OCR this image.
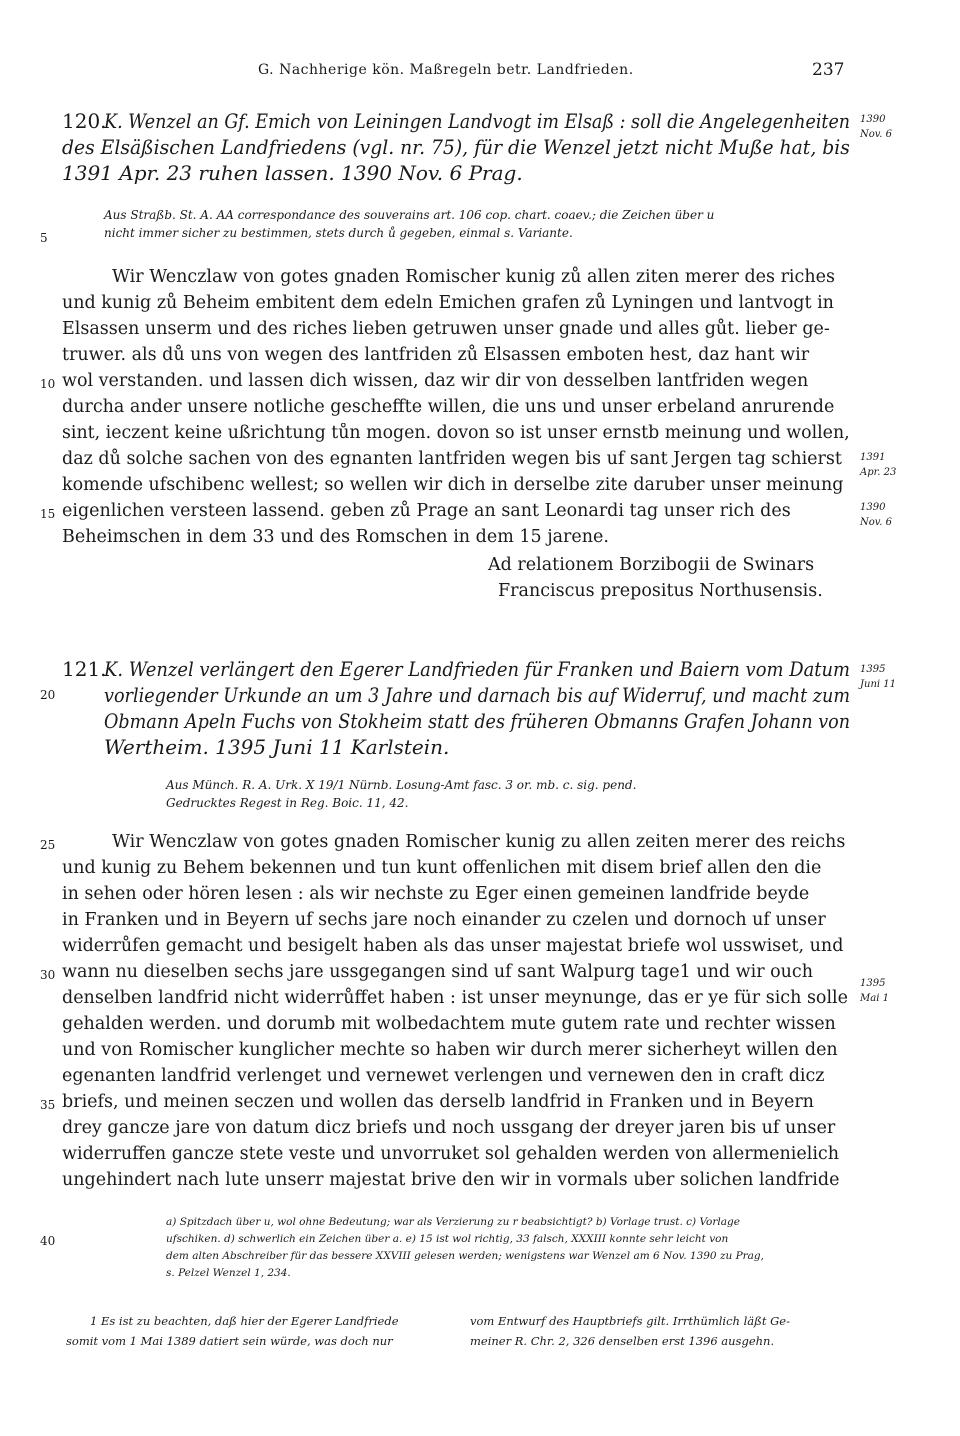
G. Nachherige kön. Maßregeln betr. Landfrieden.	237
120.
K. Wenzel an Gf. Emich von Leiningen Landvogt im Elsaß : soll die Angelegenheiten
des Elsäßischen Landfriedens (vgl. nr. 75), für die Wenzel jetzt nicht Muße hat, bis
1391 Apr. 23 ruhen lassen. 1390 Nov. 6 Prag.
1390
Nov. 6
Aus Straßb. St. A. AA correspondance des souverains art. 106 cop. chart. coaev.; die Zeichen über u
nicht immer sicher zu bestimmen, stets durch ů gegeben, einmal s. Variante.
Wir Wenczlaw von gotes gnaden Romischer kunig zů allen ziten merer des riches
und kunig zů Beheim embitent dem edeln Emichen grafen zů Lyningen und lantvogt in
Elsassen unserm und des riches lieben getruwen unser gnade und alles gůt. lieber ge-
truwer. als dů uns von wegen des lantfriden zů Elsassen emboten hest, daz hant wir
wol verstanden. und lassen dich wissen, daz wir dir von desselben lantfriden wegen
durcha ander unsere notliche gescheffte willen, die uns und unser erbeland anrurende
sint, ieczent keine ußrichtung tůn mogen. dovon so ist unser ernstb meinung und wollen,
daz dů solche sachen von des egnanten lantfriden wegen bis uf sant Jergen tag schierst
komende ufschibenc wellest; so wellen wir dich in derselbe zite daruber unser meinung
eigenlichen versteen lassend. geben zů Prage an sant Leonardi tag unser rich des
Beheimschen in dem 33 und des Romschen in dem 15 jarene.
Ad relationem Borzibogii de Swinars
Franciscus prepositus Northusensis.
1391
Apr. 23
1390
Nov. 6
121.
K. Wenzel verlängert den Egerer Landfrieden für Franken und Baiern vom Datum
vorliegender Urkunde an um 3 Jahre und darnach bis auf Widerruf, und macht zum
Obmann Apeln Fuchs von Stokheim statt des früheren Obmanns Grafen Johann von
Wertheim. 1395 Juni 11 Karlstein.
1395
Juni 11
Aus Münch. R. A. Urk. X 19/1 Nürnb. Losung-Amt fasc. 3 or. mb. c. sig. pend.
Gedrucktes Regest in Reg. Boic. 11, 42.
Wir Wenczlaw von gotes gnaden Romischer kunig zu allen zeiten merer des reichs
und kunig zu Behem bekennen und tun kunt offenlichen mit disem brief allen den die
in sehen oder hören lesen : als wir nechste zu Eger einen gemeinen landfride beyde
in Franken und in Beyern uf sechs jare noch einander zu czelen und dornoch uf unser
widerrůfen gemacht und besigelt haben als das unser majestat briefe wol usswiset, und
wann nu dieselben sechs jare ussgegangen sind uf sant Walpurg tage1 und wir ouch
denselben landfrid nicht widerrůffet haben : ist unser meynunge, das er ye für sich solle
gehalden werden. und dorumb mit wolbedachtem mute gutem rate und rechter wissen
und von Romischer kunglicher mechte so haben wir durch merer sicherheyt willen den
egenanten landfrid verlenget und vernewet verlengen und vernewen den in craft dicz
briefs, und meinen seczen und wollen das derselb landfrid in Franken und in Beyern
drey gancze jare von datum dicz briefs und noch ussgang der dreyer jaren bis uf unser
widerruffen gancze stete veste und unvorruket sol gehalden werden von allermenielich
ungehindert nach lute unserr majestat brive den wir in vormals uber solichen landfride
1395
Mai 1
5
10
15
20
25
30
35
40
a) Spitzdach über u, wol ohne Bedeutung; war als Verzierung zu r beabsichtigt? b) Vorlage trust. c) Vorlage
ufschiken. d) schwerlich ein Zeichen über a. e) 15 ist wol richtig, 33 falsch, XXXIII konnte sehr leicht von
dem alten Abschreiber für das bessere XXVIII gelesen werden; wenigstens war Wenzel am 6 Nov. 1390 zu Prag,
s. Pelzel Wenzel 1, 234.
1 Es ist zu beachten, daß hier der Egerer Landfriede
somit vom 1 Mai 1389 datiert sein würde, was doch nur
vom Entwurf des Hauptbriefs gilt. Irrthümlich läßt Ge-
meiner R. Chr. 2, 326 denselben erst 1396 ausgehn.
